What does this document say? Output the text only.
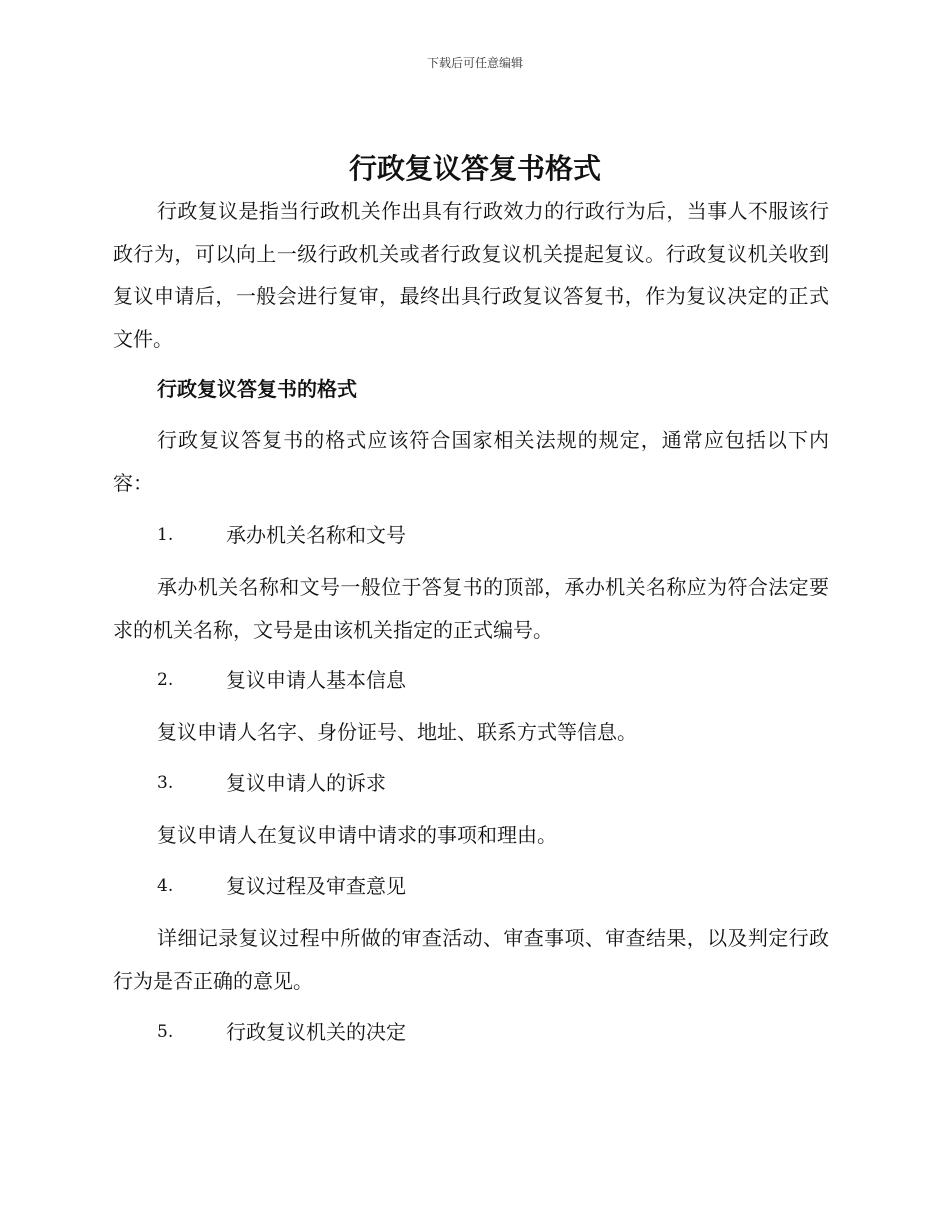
下载后可任意编辑
行政复议答复书格式

行政复议是指当行政机关作出具有行政效力的行政行为后，当事人不服该行政行为，可以向上一级行政机关或者行政复议机关提起复议。行政复议机关收到复议申请后，一般会进行复审，最终出具行政复议答复书，作为复议决定的正式文件。

行政复议答复书的格式

行政复议答复书的格式应该符合国家相关法规的规定，通常应包括以下内容：

1.	承办机关名称和文号

承办机关名称和文号一般位于答复书的顶部，承办机关名称应为符合法定要求的机关名称，文号是由该机关指定的正式编号。

2.	复议申请人基本信息

复议申请人名字、身份证号、地址、联系方式等信息。

3.	复议申请人的诉求

复议申请人在复议申请中请求的事项和理由。

4.	复议过程及审查意见

详细记录复议过程中所做的审查活动、审查事项、审查结果，以及判定行政行为是否正确的意见。

5.	行政复议机关的决定
